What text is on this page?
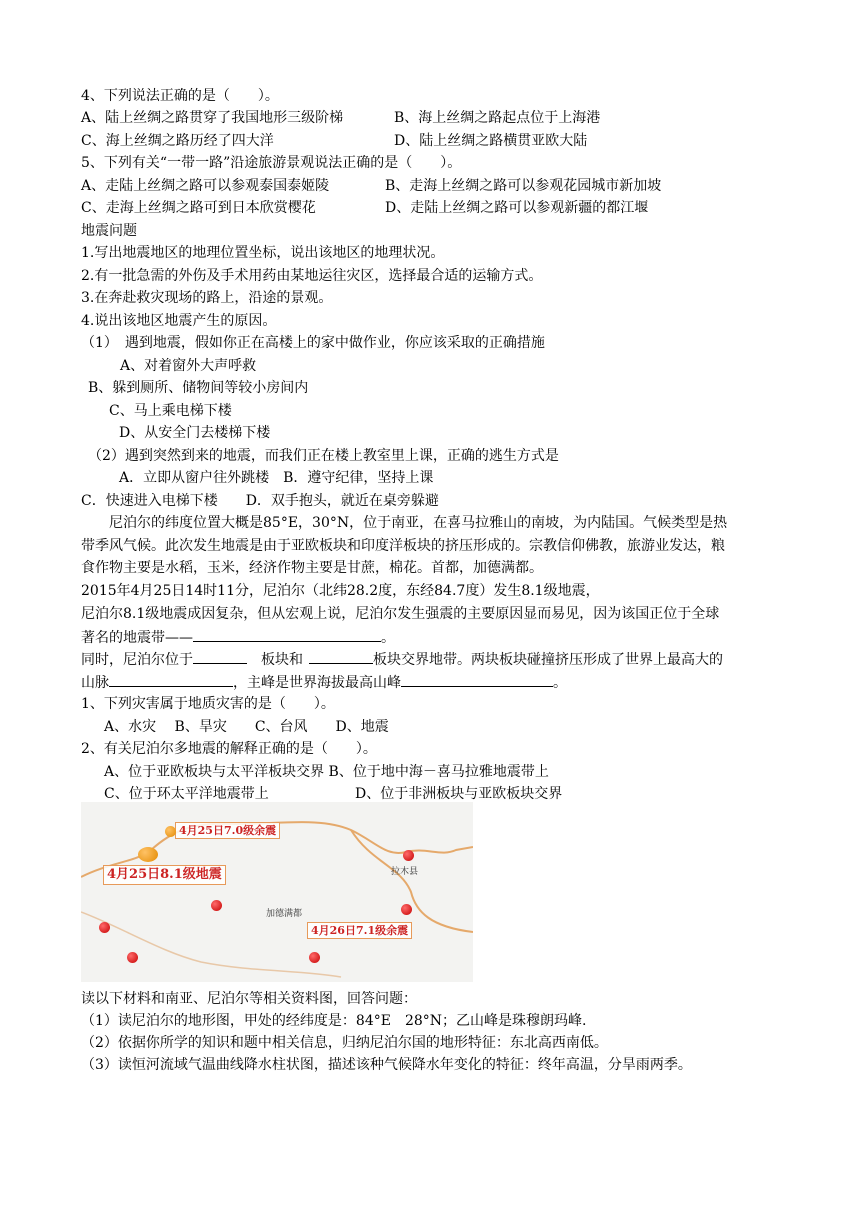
4、下列说法正确的是（　　）。
A、陆上丝绸之路贯穿了我国地形三级阶梯	B、海上丝绸之路起点位于上海港
C、海上丝绸之路历经了四大洋	D、陆上丝绸之路横贯亚欧大陆
5、下列有关“一带一路”沿途旅游景观说法正确的是（　　）。
A、走陆上丝绸之路可以参观泰国泰姬陵	B、走海上丝绸之路可以参观花园城市新加坡
C、走海上丝绸之路可到日本欣赏樱花	D、走陆上丝绸之路可以参观新疆的都江堰
地震问题
1.写出地震地区的地理位置坐标，说出该地区的地理状况。
2.有一批急需的外伤及手术用药由某地运往灾区，选择最合适的运输方式。
3.在奔赴救灾现场的路上，沿途的景观。
4.说出该地区地震产生的原因。
（1）　遇到地震，假如你正在高楼上的家中做作业，你应该采取的正确措施
A、对着窗外大声呼救
B、躲到厕所、储物间等较小房间内
C、马上乘电梯下楼
D、从安全门去楼梯下楼
（2）遇到突然到来的地震，而我们正在楼上教室里上课，正确的逃生方式是
A．立即从窗户往外跳楼　B．遵守纪律，坚持上课
C．快速进入电梯下楼　　D．双手抱头，就近在桌旁躲避
　　尼泊尔的纬度位置大概是85°E，30°N，位于南亚，在喜马拉雅山的南坡，为内陆国。气候类型是热
带季风气候。此次发生地震是由于亚欧板块和印度洋板块的挤压形成的。宗教信仰佛教，旅游业发达，粮
食作物主要是水稻，玉米，经济作物主要是甘蔗，棉花。首都，加德满都。
2015年4月25日14时11分，尼泊尔（北纬28.2度，东经84.7度）发生8.1级地震，
尼泊尔8.1级地震成因复杂，但从宏观上说，尼泊尔发生强震的主要原因显而易见，因为该国正位于全球
著名的地震带——	。
同时，尼泊尔位于	板块和	板块交界地带。两块板块碰撞挤压形成了世界上最高大的
山脉	，主峰是世界海拔最高山峰	。
1、下列灾害属于地质灾害的是（　　）。
A、水灾　 B、旱灾　　C、台风　　D、地震
2、有关尼泊尔多地震的解释正确的是（　　）。
A、位于亚欧板块与太平洋板块交界 B、位于地中海－喜马拉雅地震带上
C、位于环太平洋地震带上	D、位于非洲板块与亚欧板块交界
4月25日7.0级余震
4月25日8.1级地震
4月26日7.1级余震
加德满都
拉木县
读以下材料和南亚、尼泊尔等相关资料图，回答问题：
（1）读尼泊尔的地形图，甲处的经纬度是：84°E　28°N；乙山峰是珠穆朗玛峰.
（2）依据你所学的知识和题中相关信息，归纳尼泊尔国的地形特征：东北高西南低。
（3）读恒河流域气温曲线降水柱状图，描述该种气候降水年变化的特征：终年高温，分旱雨两季。
